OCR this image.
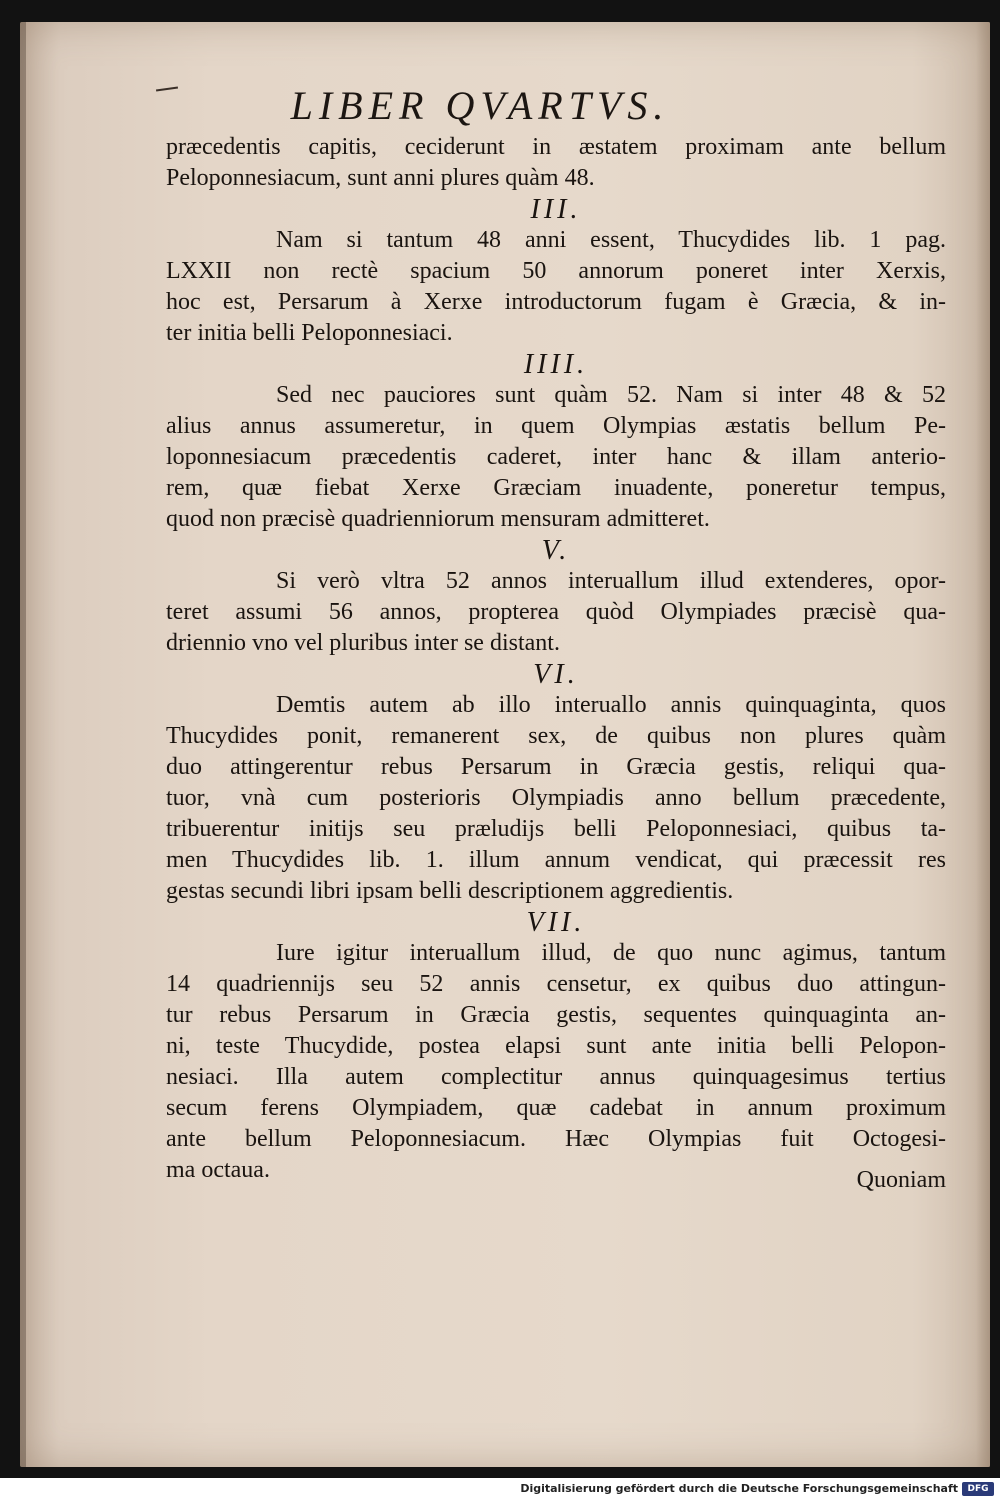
LIBER QVARTVS.
præcedentis capitis, ceciderunt in æstatem proximam ante bellum
Peloponnesiacum, sunt anni plures quàm 48.
III.
Nam si tantum 48 anni essent, Thucydides lib. 1 pag.
LXXII non rectè spacium 50 annorum poneret inter Xerxis,
hoc est, Persarum à Xerxe introductorum fugam è Græcia, & in-
ter initia belli Peloponnesiaci.
IIII.
Sed nec pauciores sunt quàm 52. Nam si inter 48 & 52
alius annus assumeretur, in quem Olympias æstatis bellum Pe-
loponnesiacum præcedentis caderet, inter hanc & illam anterio-
rem, quæ fiebat Xerxe Græciam inuadente, poneretur tempus,
quod non præcisè quadrienniorum mensuram admitteret.
V.
Si verò vltra 52 annos interuallum illud extenderes, opor-
teret assumi 56 annos, propterea quòd Olympiades præcisè qua-
driennio vno vel pluribus inter se distant.
VI.
Demtis autem ab illo interuallo annis quinquaginta, quos
Thucydides ponit, remanerent sex, de quibus non plures quàm
duo attingerentur rebus Persarum in Græcia gestis, reliqui qua-
tuor, vnà cum posterioris Olympiadis anno bellum præcedente,
tribuerentur initijs seu præludijs belli Peloponnesiaci, quibus ta-
men Thucydides lib. 1. illum annum vendicat, qui præcessit res
gestas secundi libri ipsam belli descriptionem aggredientis.
VII.
Iure igitur interuallum illud, de quo nunc agimus, tantum
14 quadriennijs seu 52 annis censetur, ex quibus duo attingun-
tur rebus Persarum in Græcia gestis, sequentes quinquaginta an-
ni, teste Thucydide, postea elapsi sunt ante initia belli Pelopon-
nesiaci. Illa autem complectitur annus quinquagesimus tertius
secum ferens Olympiadem, quæ cadebat in annum proximum
ante bellum Peloponnesiacum. Hæc Olympias fuit Octogesi-
ma octaua.	Quoniam
Digitalisierung gefördert durch die Deutsche Forschungsgemeinschaft	DFG
